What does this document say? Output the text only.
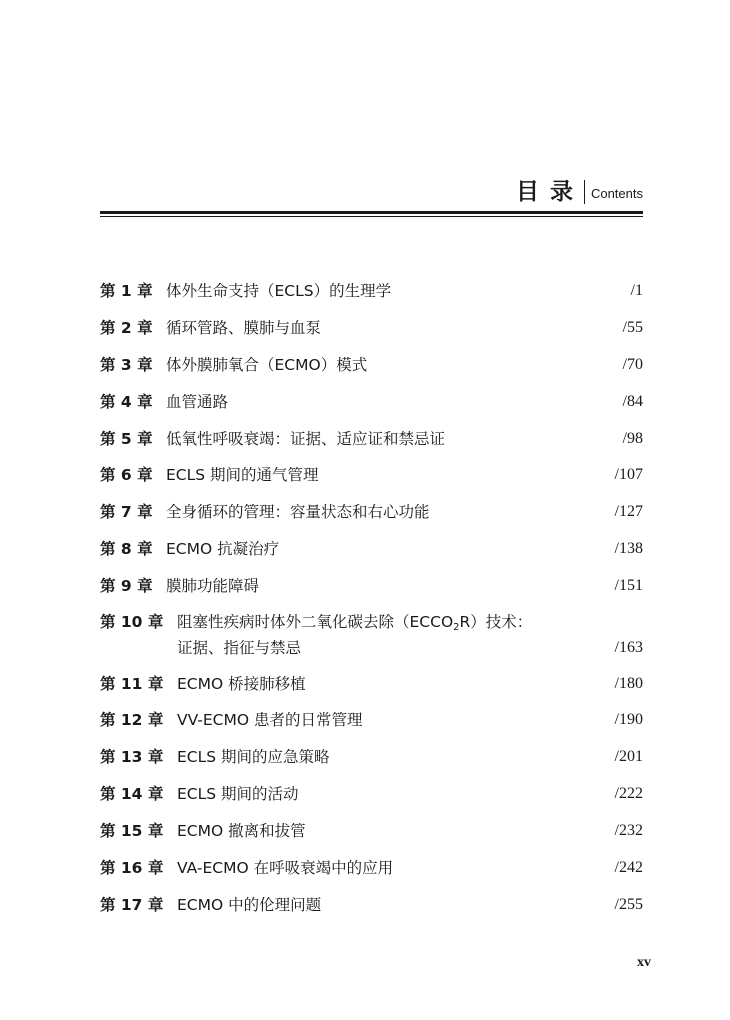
目录 Contents
第 1 章 体外生命支持（ECLS）的生理学	/1
第 2 章 循环管路、膜肺与血泵	/55
第 3 章 体外膜肺氧合（ECMO）模式	/70
第 4 章 血管通路	/84
第 5 章 低氧性呼吸衰竭：证据、适应证和禁忌证	/98
第 6 章 ECLS 期间的通气管理	/107
第 7 章 全身循环的管理：容量状态和右心功能	/127
第 8 章 ECMO 抗凝治疗	/138
第 9 章 膜肺功能障碍	/151
第 10 章 阻塞性疾病时体外二氧化碳去除$(ECCO_2R)$技术：
证据、指征与禁忌	/163
第 11 章 ECMO 桥接肺移植	/180
第 12 章 VV-ECMO 患者的日常管理	/190
第 13 章 ECLS 期间的应急策略	/201
第 14 章 ECLS 期间的活动	/222
第 15 章 ECMO 撤离和拔管	/232
第 16 章 VA-ECMO 在呼吸衰竭中的应用	/242
第 17 章 ECMO 中的伦理问题	/255
xv
